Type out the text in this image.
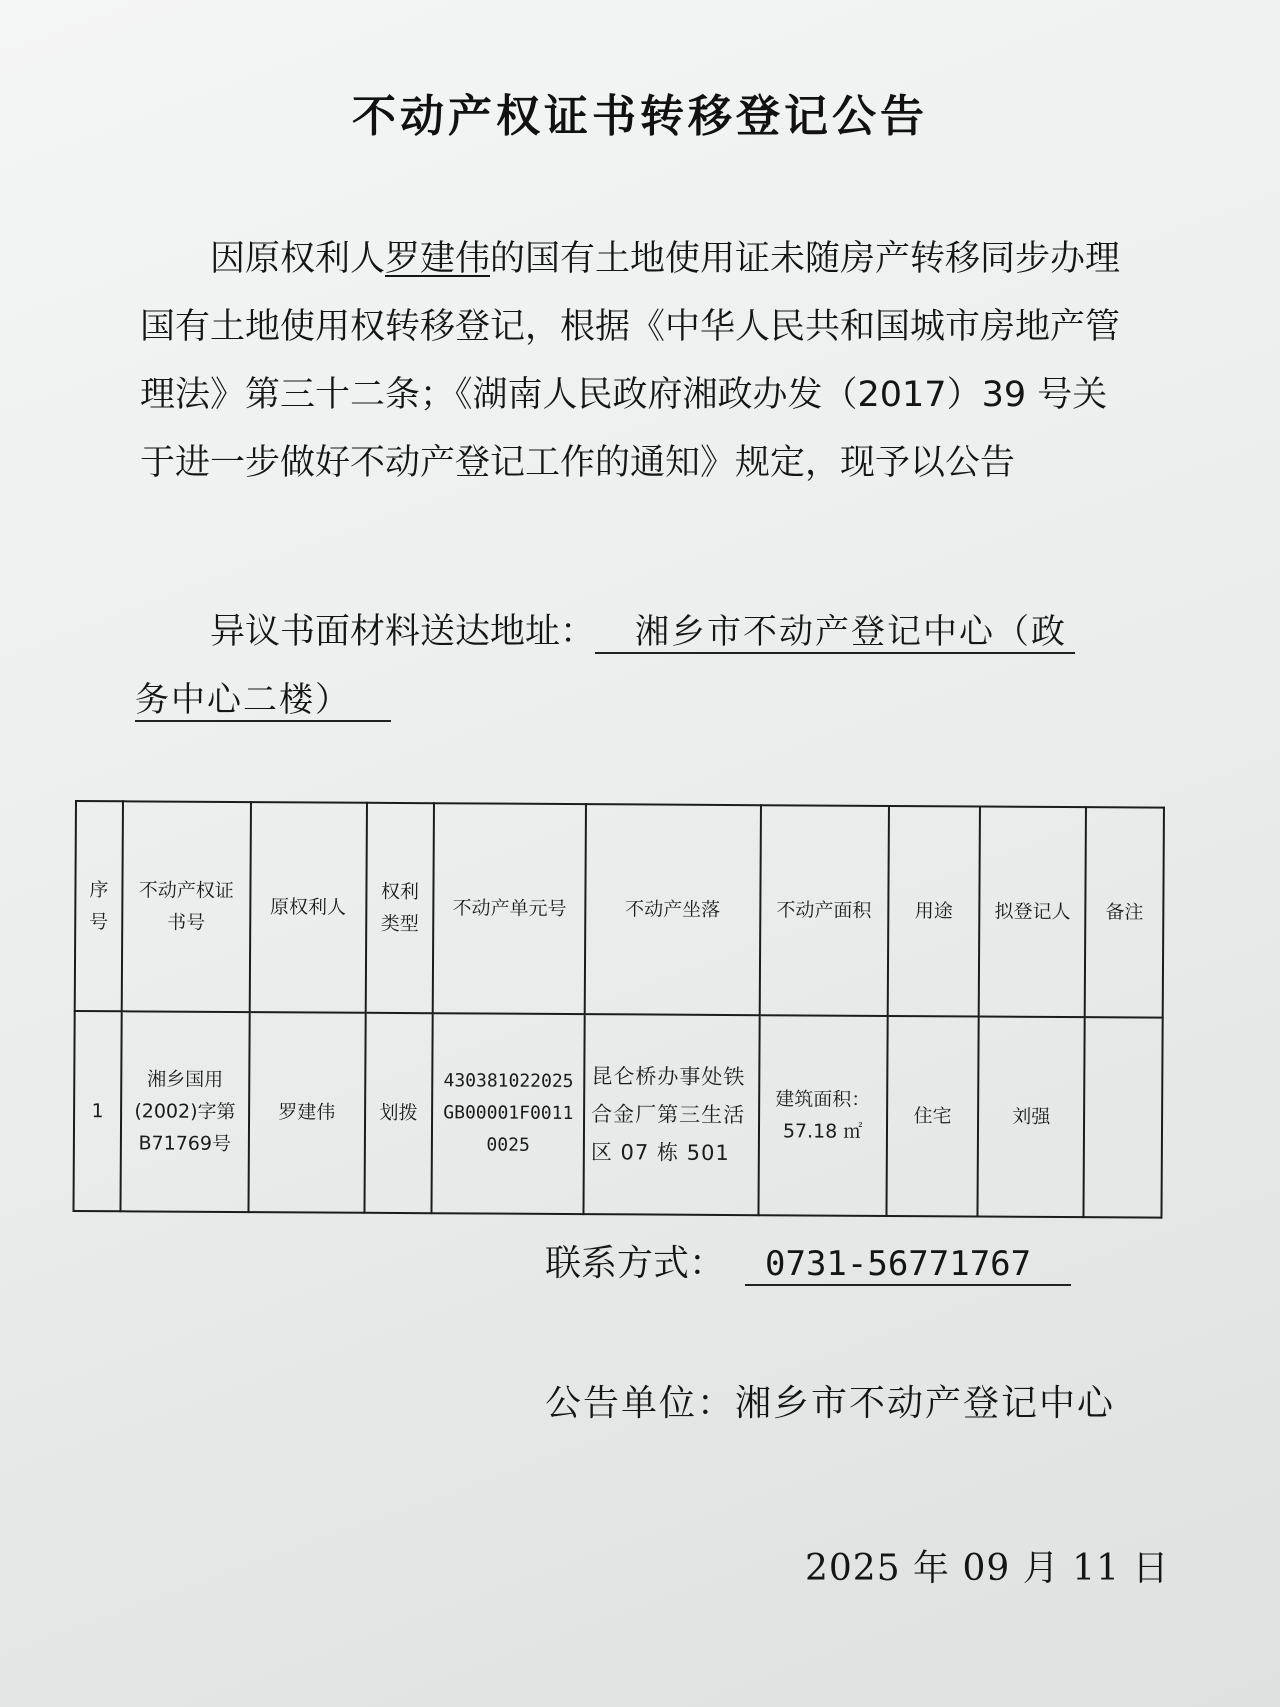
不动产权证书转移登记公告
因原权利人罗建伟的国有土地使用证未随房产转移同步办理国有土地使用权转移登记，根据《中华人民共和国城市房地产管理法》第三十二条；《湖南人民政府湘政办发（2017）39 号关于进一步做好不动产登记工作的通知》规定，现予以公告
异议书面材料送达地址： 湘乡市不动产登记中心（政
务中心二楼）
序号	不动产权证书号	原权利人	权利类型	不动产单元号	不动产坐落	不动产面积	用途	拟登记人	备注
1	湘乡国用(2002)字第B71769号	罗建伟	划拨	430381022025GB00001F00110025	昆仑桥办事处铁合金厂第三生活区 07 栋 501	建筑面积：57.18 ㎡	住宅	刘强	
联系方式： 0731-56771767
公告单位：湘乡市不动产登记中心
2025 年 09 月 11 日
